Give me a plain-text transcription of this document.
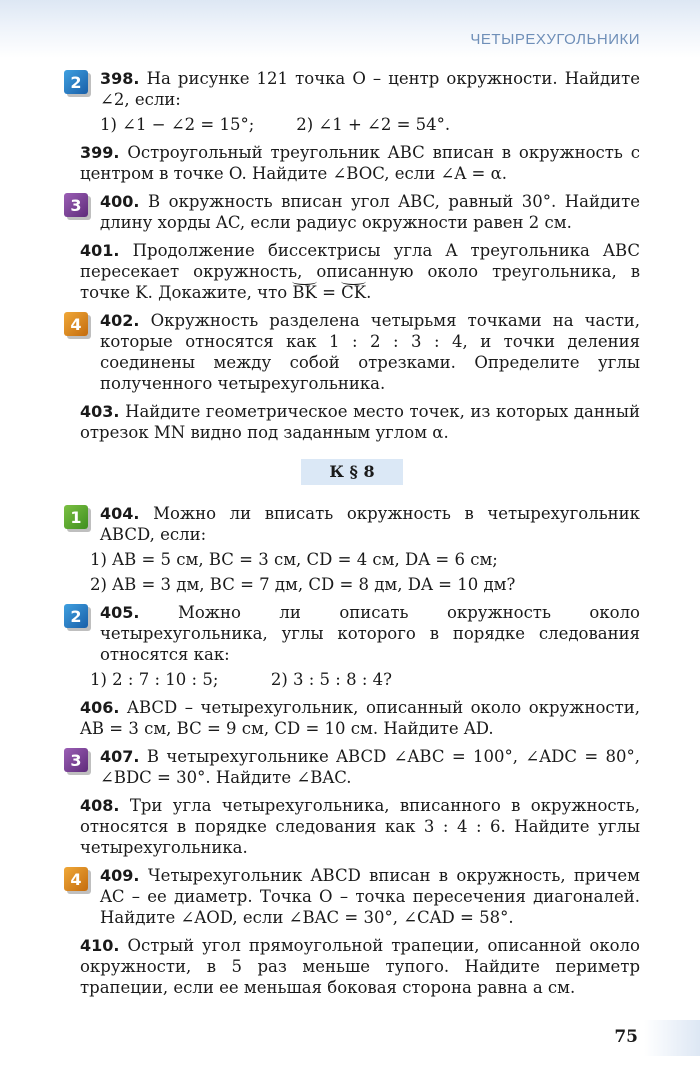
ЧЕТЫРЕХУГОЛЬНИКИ
2	398. На рисунке 121 точка O – центр окружности. Найдите ∠2, если:
1) ∠1 − ∠2 = 15°;        2) ∠1 + ∠2 = 54°.
399. Остроугольный треугольник ABC вписан в окружность с центром в точке O. Найдите ∠BOC, если ∠A = α.
3	400. В окружность вписан угол ABC, равный 30°. Найдите длину хорды AC, если радиус окружности равен 2 см.
401. Продолжение биссектрисы угла A треугольника ABC пересекает окружность, описанную около треугольника, в точке K. Докажите, что BK = CK.
4	402. Окружность разделена четырьмя точками на части, которые относятся как 1 : 2 : 3 : 4, и точки деления соединены между собой отрезками. Определите углы полученного четырехугольника.
403. Найдите геометрическое место точек, из которых данный отрезок MN видно под заданным углом α.
К § 8
1	404. Можно ли вписать окружность в четырехугольник ABCD, если:
1) AB = 5 см, BC = 3 см, CD = 4 см, DA = 6 см;
2) AB = 3 дм, BC = 7 дм, CD = 8 дм, DA = 10 дм?
2	405. Можно ли описать окружность около четырехугольника, углы которого в порядке следования относятся как:
1) 2 : 7 : 10 : 5;          2) 3 : 5 : 8 : 4?
406. ABCD – четырехугольник, описанный около окружности, AB = 3 см, BC = 9 см, CD = 10 см. Найдите AD.
3	407. В четырехугольнике ABCD ∠ABC = 100°, ∠ADC = 80°, ∠BDC = 30°. Найдите ∠BAC.
408. Три угла четырехугольника, вписанного в окружность, относятся в порядке следования как 3 : 4 : 6. Найдите углы четырехугольника.
4	409. Четырехугольник ABCD вписан в окружность, причем AC – ее диаметр. Точка O – точка пересечения диагоналей. Найдите ∠AOD, если ∠BAC = 30°, ∠CAD = 58°.
410. Острый угол прямоугольной трапеции, описанной около окружности, в 5 раз меньше тупого. Найдите периметр трапеции, если ее меньшая боковая сторона равна a см.
75
